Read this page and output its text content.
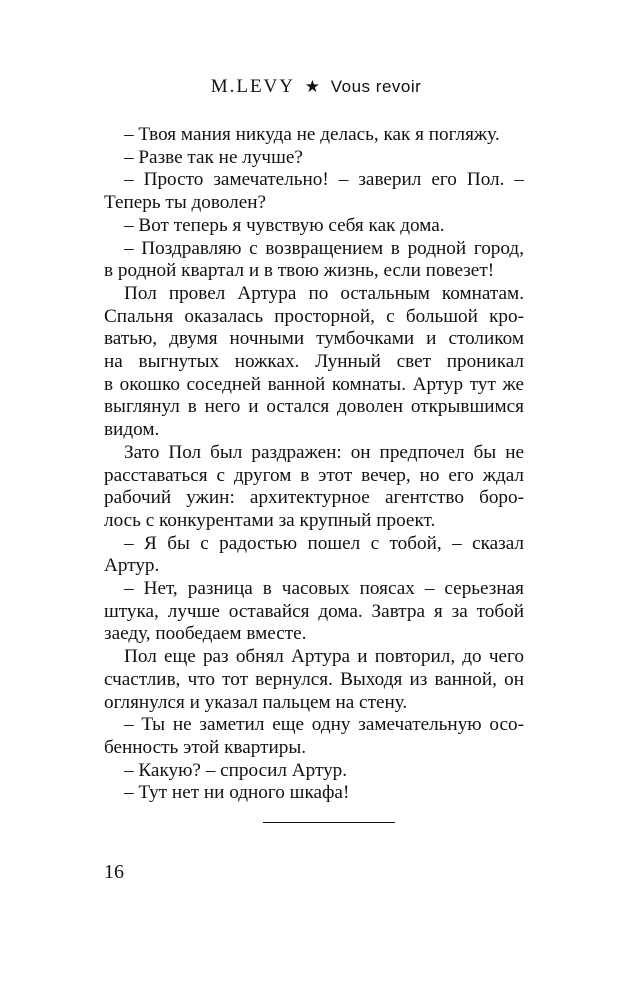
M.LEVY ★ Vous revoir
– Твоя мания никуда не делась, как я погляжу.
– Разве так не лучше?
– Просто замечательно! – заверил его Пол. –
Теперь ты доволен?
– Вот теперь я чувствую себя как дома.
– Поздравляю с возвращением в родной город,
в родной квартал и в твою жизнь, если повезет!
Пол провел Артура по остальным комнатам.
Спальня оказалась просторной, с большой кро-
ватью, двумя ночными тумбочками и столиком
на выгнутых ножках. Лунный свет проникал
в окошко соседней ванной комнаты. Артур тут же
выглянул в него и остался доволен открывшимся
видом.
Зато Пол был раздражен: он предпочел бы не
расставаться с другом в этот вечер, но его ждал
рабочий ужин: архитектурное агентство боро-
лось с конкурентами за крупный проект.
– Я бы с радостью пошел с тобой, – сказал
Артур.
– Нет, разница в часовых поясах – серьезная
штука, лучше оставайся дома. Завтра я за тобой
заеду, пообедаем вместе.
Пол еще раз обнял Артура и повторил, до чего
счастлив, что тот вернулся. Выходя из ванной, он
оглянулся и указал пальцем на стену.
– Ты не заметил еще одну замечательную осо-
бенность этой квартиры.
– Какую? – спросил Артур.
– Тут нет ни одного шкафа!
16
